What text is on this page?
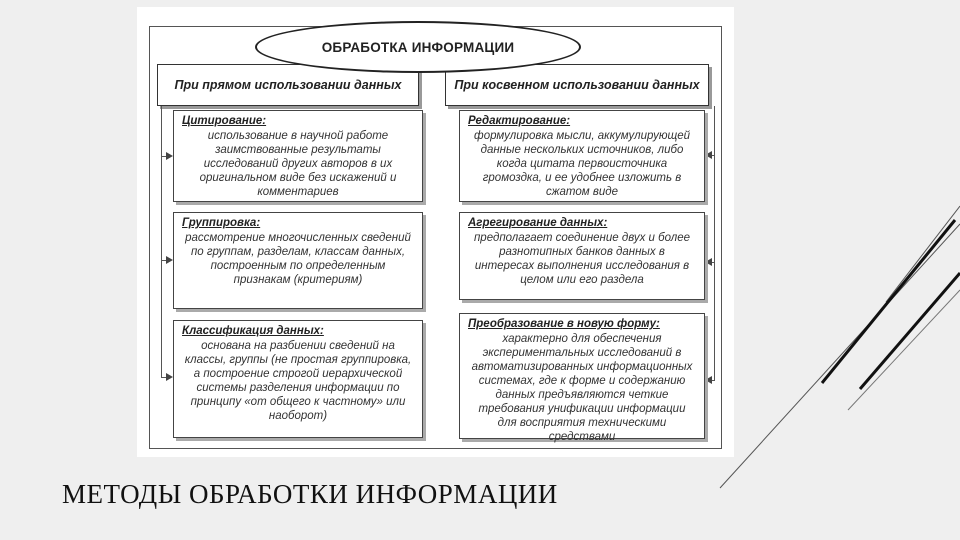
При прямом использовании данных	При косвенном использовании данных
ОБРАБОТКА ИНФОРМАЦИИ
Цитирование:
использование в научной работе заимствованные результаты исследований других авторов в их оригинальном виде без искажений и комментариев
Группировка:
рассмотрение многочисленных сведений по группам, разделам, классам данных, построенным по определенным признакам (критериям)
Классификация данных:
основана на разбиении сведений на классы, группы (не простая группировка, а построение строгой иерархической системы разделения информации по принципу «от общего к частному» или наоборот)
Редактирование:
формулировка мысли, аккумулирующей данные нескольких источников, либо когда цитата первоисточника громоздка, и ее удобнее изложить в сжатом виде
Агрегирование данных:
предполагает соединение двух и более разнотипных банков данных в интересах выполнения исследования в целом или его раздела
Преобразование в новую форму:
характерно для обеспечения экспериментальных исследований в автоматизированных информационных системах, где к форме и содержанию данных предъявляются четкие требования унификации информации для восприятия техническими средствами
МЕТОДЫ ОБРАБОТКИ ИНФОРМАЦИИ
